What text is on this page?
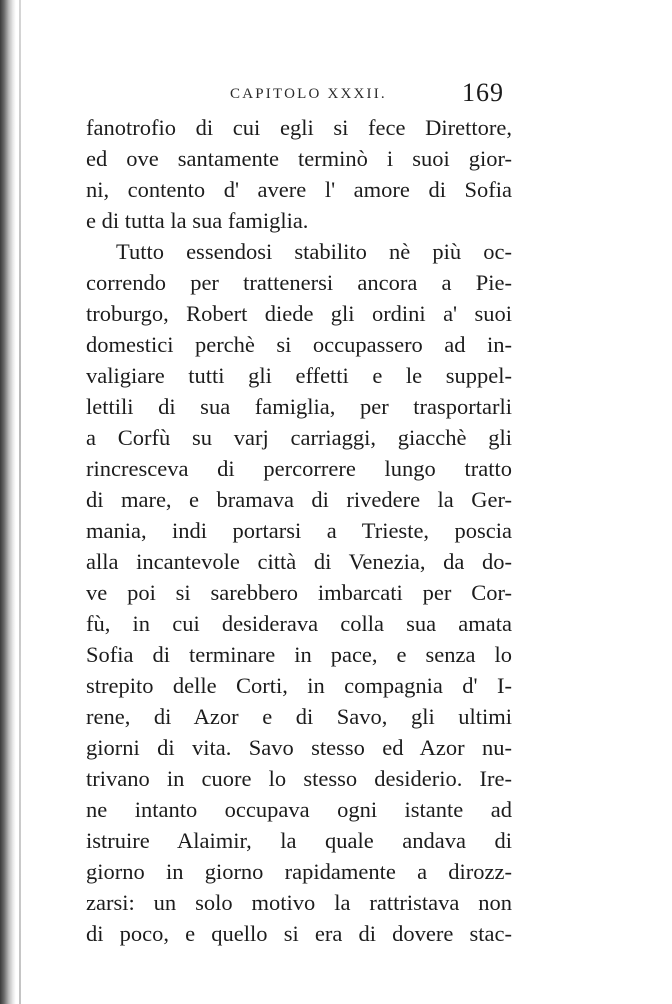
CAPITOLO XXXII.	169
fanotrofio di cui egli si fece Direttore,
ed ove santamente terminò i suoi gior-
ni, contento d' avere l' amore di Sofia
e di tutta la sua famiglia.
Tutto essendosi stabilito nè più oc-
correndo per trattenersi ancora a Pie-
troburgo, Robert diede gli ordini a' suoi
domestici perchè si occupassero ad in-
valigiare tutti gli effetti e le suppel-
lettili di sua famiglia, per trasportarli
a Corfù su varj carriaggi, giacchè gli
rincresceva di percorrere lungo tratto
di mare, e bramava di rivedere la Ger-
mania, indi portarsi a Trieste, poscia
alla incantevole città di Venezia, da do-
ve poi si sarebbero imbarcati per Cor-
fù, in cui desiderava colla sua amata
Sofia di terminare in pace, e senza lo
strepito delle Corti, in compagnia d' I-
rene, di Azor e di Savo, gli ultimi
giorni di vita. Savo stesso ed Azor nu-
trivano in cuore lo stesso desiderio. Ire-
ne intanto occupava ogni istante ad
istruire Alaimir, la quale andava di
giorno in giorno rapidamente a dirozz-
zarsi: un solo motivo la rattristava non
di poco, e quello si era di dovere stac-
